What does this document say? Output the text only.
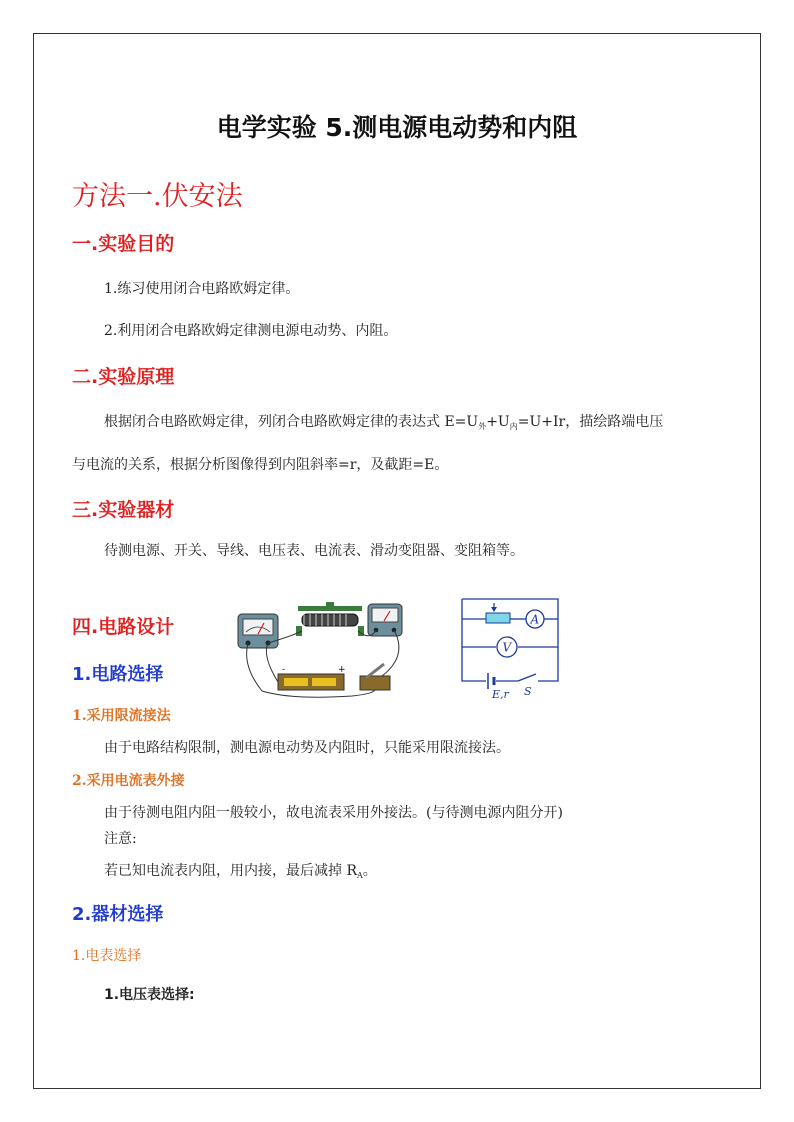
电学实验 5.测电源电动势和内阻
方法一.伏安法
一.实验目的
1.练习使用闭合电路欧姆定律。
2.利用闭合电路欧姆定律测电源电动势、内阻。
二.实验原理
根据闭合电路欧姆定律，列闭合电路欧姆定律的表达式 $E=U_外+U_内=U+Ir$，描绘路端电压
与电流的关系，根据分析图像得到内阻斜率=r，及截距=E。
三.实验器材
待测电源、开关、导线、电压表、电流表、滑动变阻器、变阻箱等。
四.电路设计
1.电路选择
1.采用限流接法
由于电路结构限制，测电源电动势及内阻时，只能采用限流接法。
2.采用电流表外接
由于待测电阻内阻一般较小，故电流表采用外接法。(与待测电源内阻分开)
注意:
若已知电流表内阻，用内接，最后减掉 $R_A$。
2.器材选择
1.电表选择
1.电压表选择:
-	+
A
V
E,r S
